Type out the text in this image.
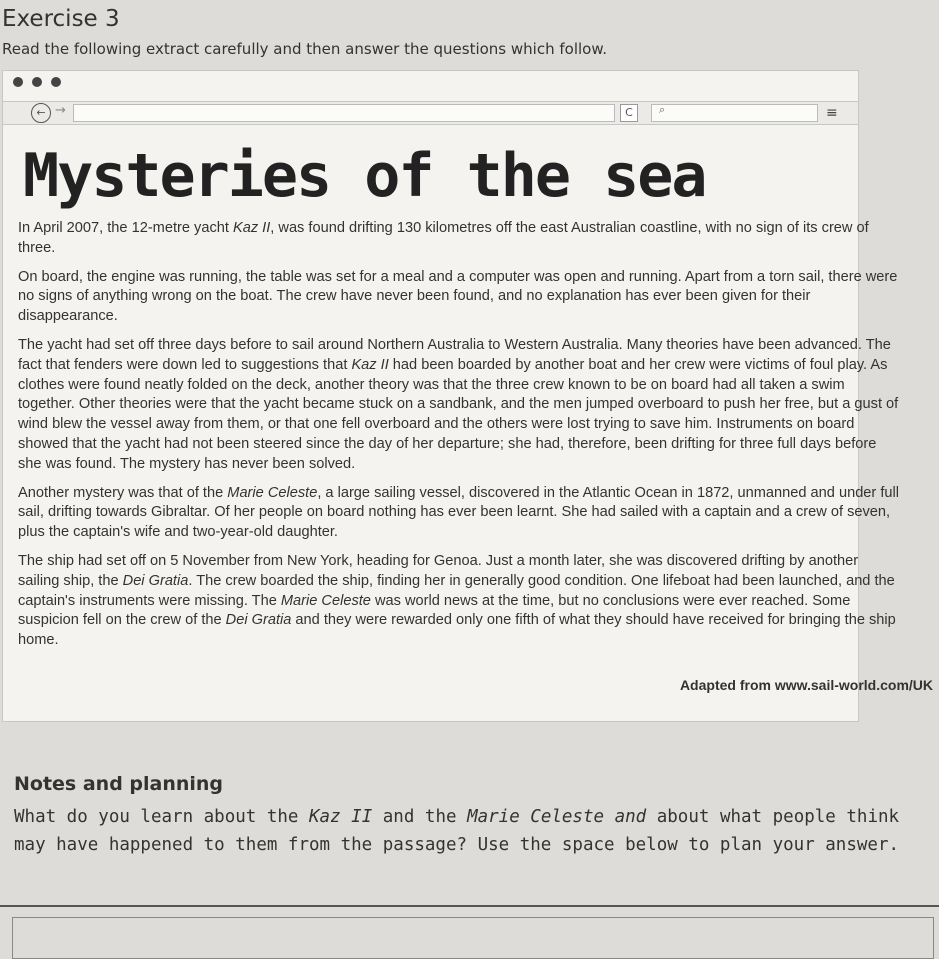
Exercise 3
Read the following extract carefully and then answer the questions which follow.
← →	C	⌕	≡
Mysteries of the sea

In April 2007, the 12-metre yacht Kaz II, was found drifting 130 kilometres off the east Australian coastline, with no sign of its crew of three.

On board, the engine was running, the table was set for a meal and a computer was open and running. Apart from a torn sail, there were no signs of anything wrong on the boat. The crew have never been found, and no explanation has ever been given for their disappearance.

The yacht had set off three days before to sail around Northern Australia to Western Australia. Many theories have been advanced. The fact that fenders were down led to suggestions that Kaz II had been boarded by another boat and her crew were victims of foul play. As clothes were found neatly folded on the deck, another theory was that the three crew known to be on board had all taken a swim together. Other theories were that the yacht became stuck on a sandbank, and the men jumped overboard to push her free, but a gust of wind blew the vessel away from them, or that one fell overboard and the others were lost trying to save him. Instruments on board showed that the yacht had not been steered since the day of her departure; she had, therefore, been drifting for three full days before she was found. The mystery has never been solved.

Another mystery was that of the Marie Celeste, a large sailing vessel, discovered in the Atlantic Ocean in 1872, unmanned and under full sail, drifting towards Gibraltar. Of her people on board nothing has ever been learnt. She had sailed with a captain and a crew of seven, plus the captain's wife and two-year-old daughter.

The ship had set off on 5 November from New York, heading for Genoa. Just a month later, she was discovered drifting by another sailing ship, the Dei Gratia. The crew boarded the ship, finding her in generally good condition. One lifeboat had been launched, and the captain's instruments were missing. The Marie Celeste was world news at the time, but no conclusions were ever reached. Some suspicion fell on the crew of the Dei Gratia and they were rewarded only one fifth of what they should have received for bringing the ship home.

Adapted from www.sail-world.com/UK
Notes and planning
What do you learn about the Kaz II and the Marie Celeste and about what people think may have happened to them from the passage? Use the space below to plan your answer.
